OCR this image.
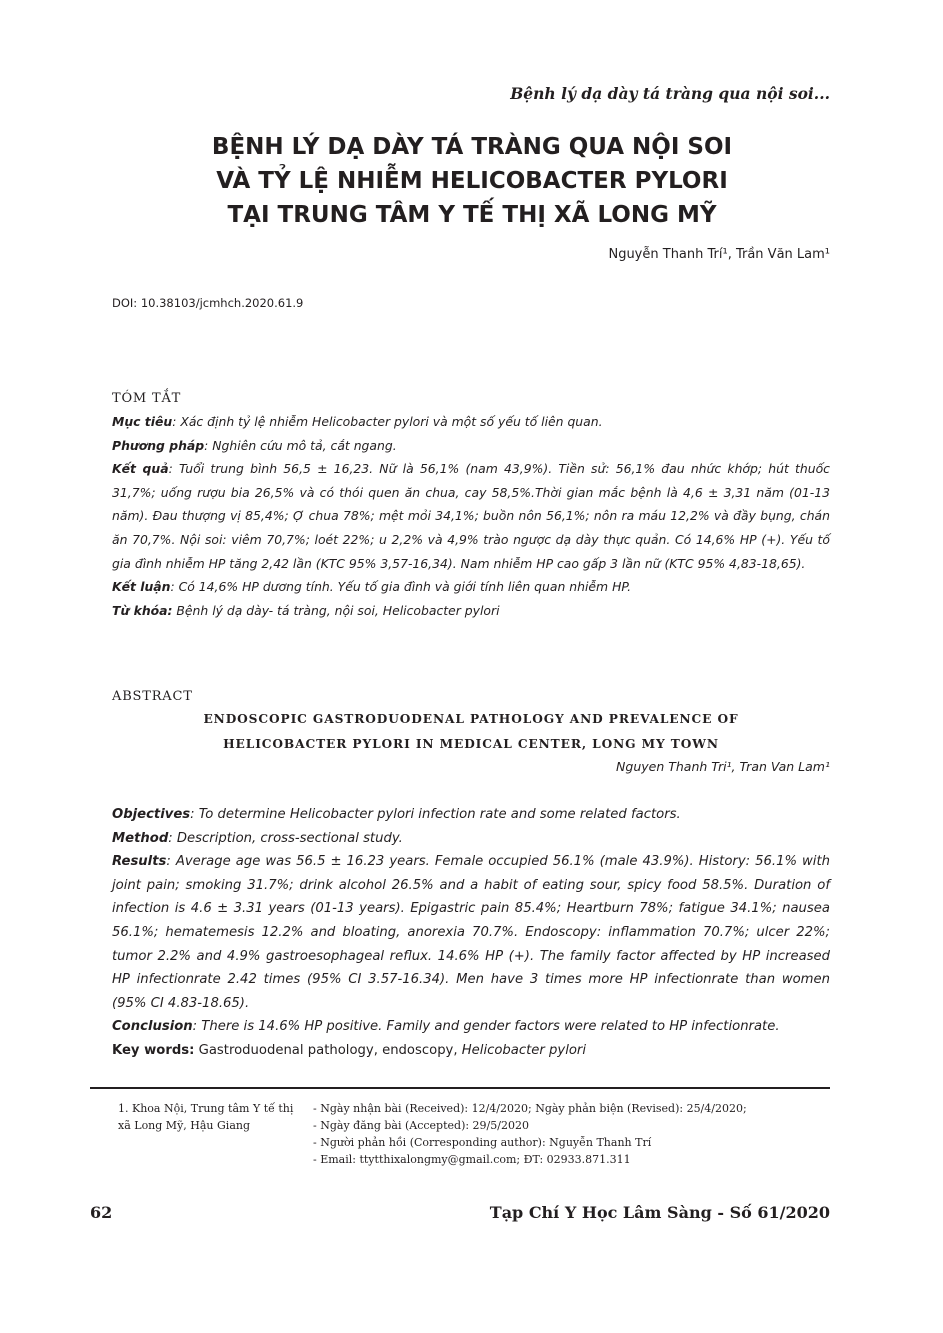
Bệnh lý dạ dày tá tràng qua nội soi...
BỆNH LÝ DẠ DÀY TÁ TRÀNG QUA NỘI SOI
VÀ TỶ LỆ NHIỄM HELICOBACTER PYLORI
TẠI TRUNG TÂM Y TẾ THỊ XÃ LONG MỸ
Nguyễn Thanh Trí¹, Trần Văn Lam¹
DOI: 10.38103/jcmhch.2020.61.9
TÓM TẮT

Mục tiêu: Xác định tỷ lệ nhiễm Helicobacter pylori và một số yếu tố liên quan.

Phương pháp: Nghiên cứu mô tả, cắt ngang.

Kết quả: Tuổi trung bình 56,5 ± 16,23. Nữ là 56,1% (nam 43,9%). Tiền sử: 56,1% đau nhức khớp; hút thuốc 31,7%; uống rượu bia 26,5% và có thói quen ăn chua, cay 58,5%.Thời gian mắc bệnh là 4,6 ± 3,31 năm (01-13 năm). Đau thượng vị 85,4%; Ợ chua 78%; mệt mỏi 34,1%; buồn nôn 56,1%; nôn ra máu 12,2% và đầy bụng, chán ăn 70,7%. Nội soi: viêm 70,7%; loét 22%; u 2,2% và 4,9% trào ngược dạ dày thực quản. Có 14,6% HP (+). Yếu tố gia đình nhiễm HP tăng 2,42 lần (KTC 95% 3,57-16,34). Nam nhiễm HP cao gấp 3 lần nữ (KTC 95% 4,83-18,65).

Kết luận: Có 14,6% HP dương tính. Yếu tố gia đình và giới tính liên quan nhiễm HP.

Từ khóa: Bệnh lý dạ dày- tá tràng, nội soi, Helicobacter pylori

ABSTRACT
ENDOSCOPIC GASTRODUODENAL PATHOLOGY AND PREVALENCE OF
HELICOBACTER PYLORI IN MEDICAL CENTER, LONG MY TOWN
Nguyen Thanh Tri¹, Tran Van Lam¹

Objectives: To determine Helicobacter pylori infection rate and some related factors.

Method: Description, cross-sectional study.

Results: Average age was 56.5 ± 16.23 years. Female occupied 56.1% (male 43.9%). History: 56.1% with joint pain; smoking 31.7%; drink alcohol 26.5% and a habit of eating sour, spicy food 58.5%. Duration of infection is 4.6 ± 3.31 years (01-13 years). Epigastric pain 85.4%; Heartburn 78%; fatigue 34.1%; nausea 56.1%; hematemesis 12.2% and bloating, anorexia 70.7%. Endoscopy: inflammation 70.7%; ulcer 22%; tumor 2.2% and 4.9% gastroesophageal reflux. 14.6% HP (+). The family factor affected by HP increased HP infectionrate 2.42 times (95% CI 3.57-16.34). Men have 3 times more HP infectionrate than women (95% CI 4.83-18.65).

Conclusion: There is 14.6% HP positive. Family and gender factors were related to HP infectionrate.

Key words: Gastroduodenal pathology, endoscopy, Helicobacter pylori

1. Khoa Nội, Trung tâm Y tế thị
xã Long Mỹ, Hậu Giang
- Ngày nhận bài (Received): 12/4/2020; Ngày phản biện (Revised): 25/4/2020;
- Ngày đăng bài (Accepted): 29/5/2020
- Người phản hồi (Corresponding author): Nguyễn Thanh Trí
- Email: ttytthixalongmy@gmail.com; ĐT: 02933.871.311
62	Tạp Chí Y Học Lâm Sàng - Số 61/2020
